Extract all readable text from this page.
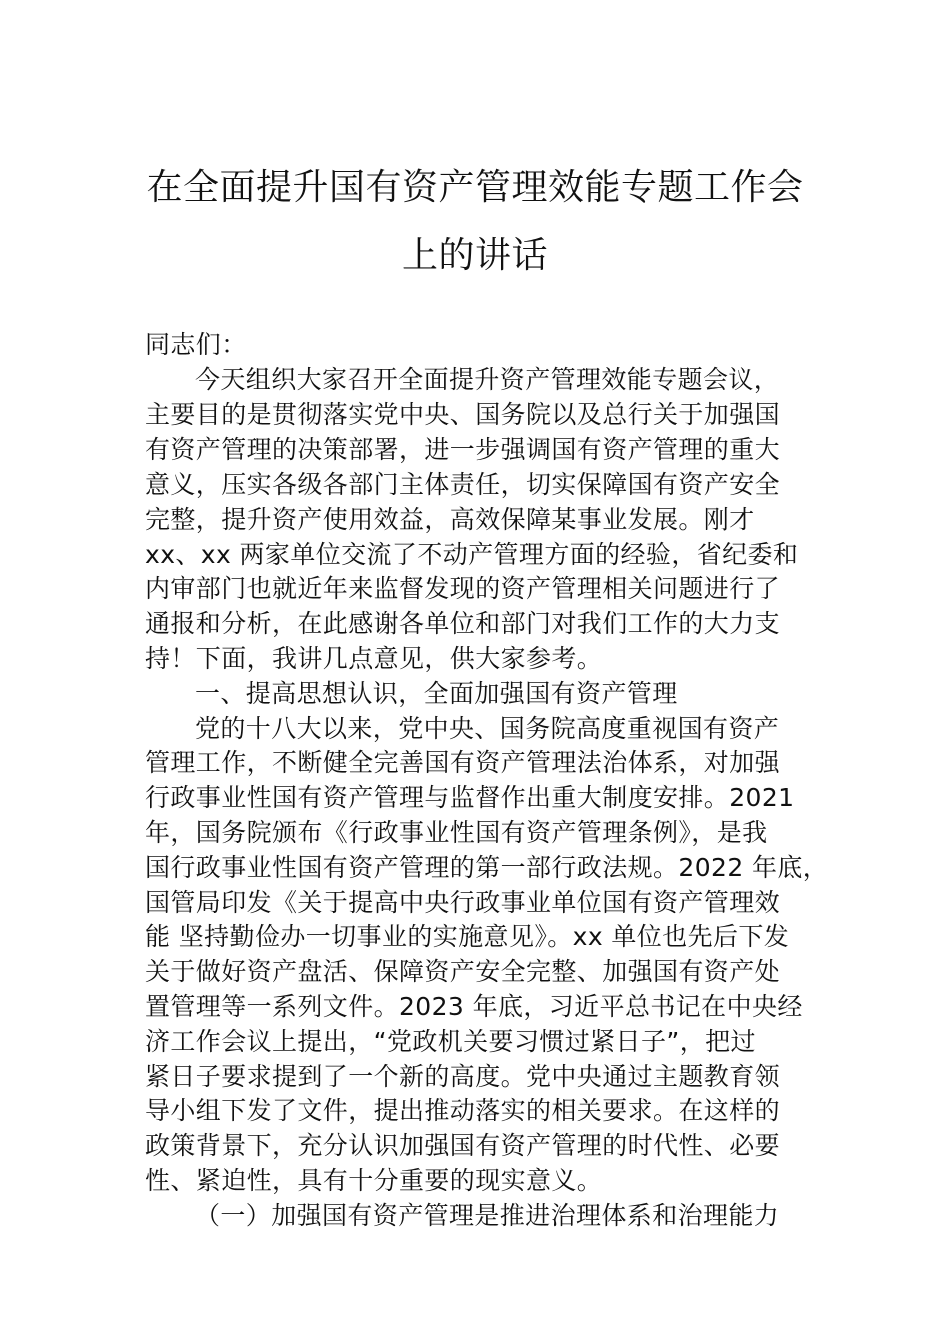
在全面提升国有资产管理效能专题工作会
上的讲话
同志们：
今天组织大家召开全面提升资产管理效能专题会议，
主要目的是贯彻落实党中央、国务院以及总行关于加强国
有资产管理的决策部署，进一步强调国有资产管理的重大
意义，压实各级各部门主体责任，切实保障国有资产安全
完整，提升资产使用效益，高效保障某事业发展。刚才
xx、xx 两家单位交流了不动产管理方面的经验，省纪委和
内审部门也就近年来监督发现的资产管理相关问题进行了
通报和分析，在此感谢各单位和部门对我们工作的大力支
持！下面，我讲几点意见，供大家参考。
一、提高思想认识，全面加强国有资产管理
党的十八大以来，党中央、国务院高度重视国有资产
管理工作，不断健全完善国有资产管理法治体系，对加强
行政事业性国有资产管理与监督作出重大制度安排。2021
年，国务院颁布《行政事业性国有资产管理条例》，是我
国行政事业性国有资产管理的第一部行政法规。2022 年底，
国管局印发《关于提高中央行政事业单位国有资产管理效
能 坚持勤俭办一切事业的实施意见》。xx 单位也先后下发
关于做好资产盘活、保障资产安全完整、加强国有资产处
置管理等一系列文件。2023 年底，习近平总书记在中央经
济工作会议上提出，“党政机关要习惯过紧日子”，把过
紧日子要求提到了一个新的高度。党中央通过主题教育领
导小组下发了文件，提出推动落实的相关要求。在这样的
政策背景下，充分认识加强国有资产管理的时代性、必要
性、紧迫性，具有十分重要的现实意义。
（一）加强国有资产管理是推进治理体系和治理能力
